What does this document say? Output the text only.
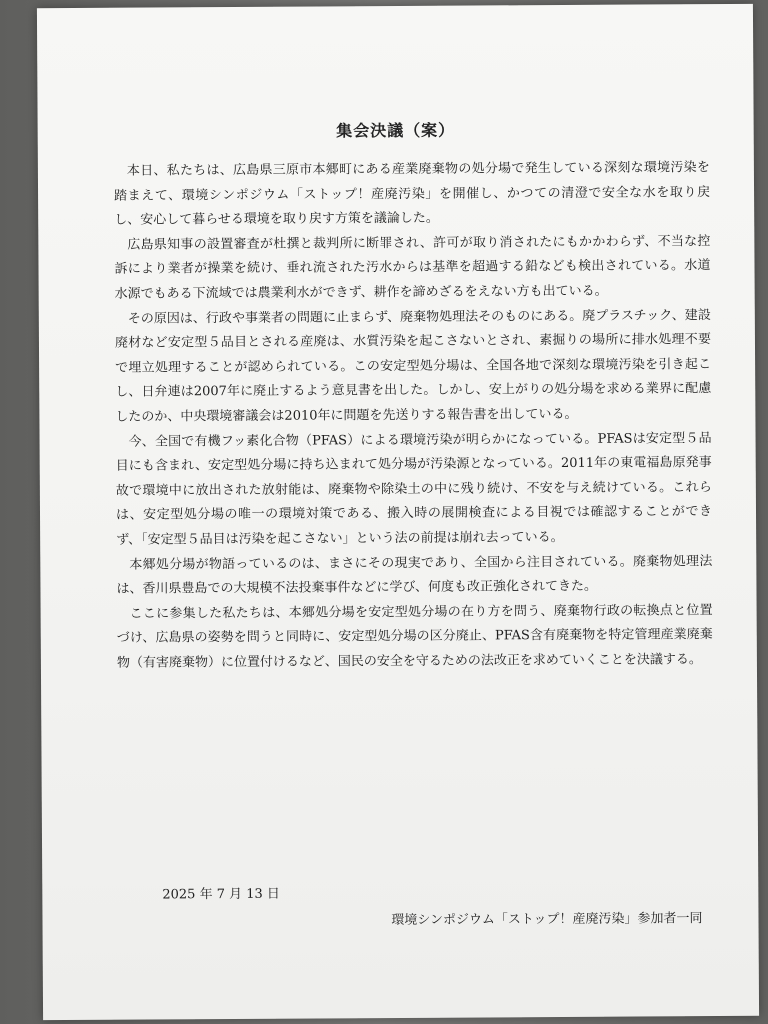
集会決議（案）

本日、私たちは、広島県三原市本郷町にある産業廃棄物の処分場で発生している深刻な環境汚染を踏まえて、環境シンポジウム「ストップ！産廃汚染」を開催し、かつての清澄で安全な水を取り戻し、安心して暮らせる環境を取り戻す方策を議論した。

広島県知事の設置審査が杜撰と裁判所に断罪され、許可が取り消されたにもかかわらず、不当な控訴により業者が操業を続け、垂れ流された汚水からは基準を超過する鉛なども検出されている。水道水源でもある下流域では農業利水ができず、耕作を諦めざるをえない方も出ている。

その原因は、行政や事業者の問題に止まらず、廃棄物処理法そのものにある。廃プラスチック、建設廃材など安定型５品目とされる産廃は、水質汚染を起こさないとされ、素掘りの場所に排水処理不要で埋立処理することが認められている。この安定型処分場は、全国各地で深刻な環境汚染を引き起こし、日弁連は2007年に廃止するよう意見書を出した。しかし、安上がりの処分場を求める業界に配慮したのか、中央環境審議会は2010年に問題を先送りする報告書を出している。

今、全国で有機フッ素化合物（PFAS）による環境汚染が明らかになっている。PFASは安定型５品目にも含まれ、安定型処分場に持ち込まれて処分場が汚染源となっている。2011年の東電福島原発事故で環境中に放出された放射能は、廃棄物や除染土の中に残り続け、不安を与え続けている。これらは、安定型処分場の唯一の環境対策である、搬入時の展開検査による目視では確認することができず、「安定型５品目は汚染を起こさない」という法の前提は崩れ去っている。

本郷処分場が物語っているのは、まさにその現実であり、全国から注目されている。廃棄物処理法は、香川県豊島での大規模不法投棄事件などに学び、何度も改正強化されてきた。

ここに参集した私たちは、本郷処分場を安定型処分場の在り方を問う、廃棄物行政の転換点と位置づけ、広島県の姿勢を問うと同時に、安定型処分場の区分廃止、PFAS含有廃棄物を特定管理産業廃棄物（有害廃棄物）に位置付けるなど、国民の安全を守るための法改正を求めていくことを決議する。

2025 年 7 月 13 日
環境シンポジウム「ストップ！産廃汚染」参加者一同
